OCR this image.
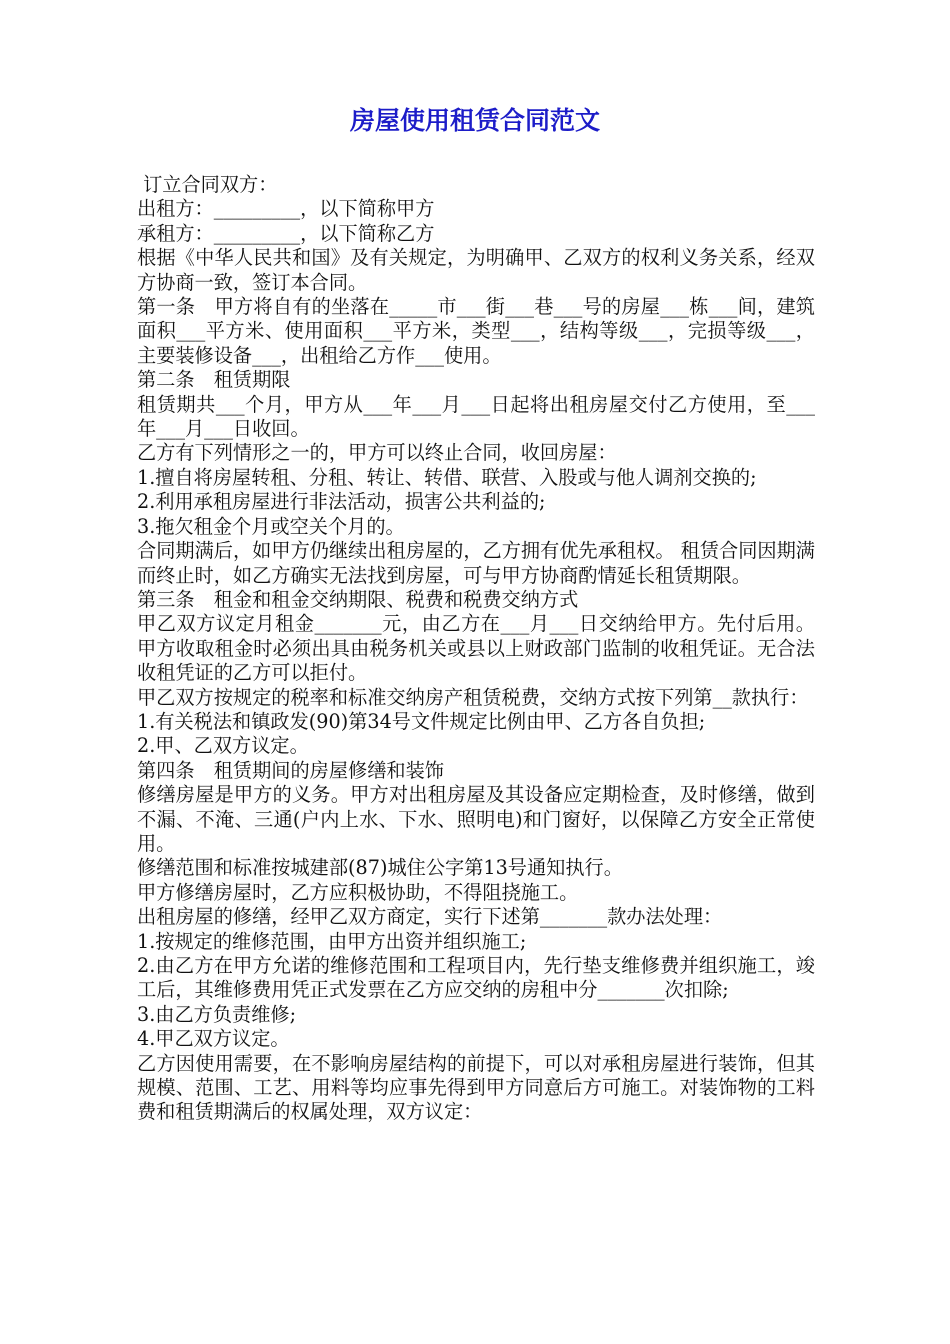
房屋使用租赁合同范文

订立合同双方：

出租方：_________，以下简称甲方

承租方：_________，以下简称乙方

根据《中华人民共和国》及有关规定，为明确甲、乙双方的权利义务关系，经双方协商一致，签订本合同。

第一条　甲方将自有的坐落在_____市___街___巷___号的房屋___栋___间，建筑面积___平方米、使用面积___平方米，类型___，结构等级___，完损等级___，主要装修设备___，出租给乙方作___使用。

第二条　租赁期限

租赁期共___个月，甲方从___年___月___日起将出租房屋交付乙方使用，至___年___月___日收回。

乙方有下列情形之一的，甲方可以终止合同，收回房屋：

1.擅自将房屋转租、分租、转让、转借、联营、入股或与他人调剂交换的;

2.利用承租房屋进行非法活动，损害公共利益的;

3.拖欠租金个月或空关个月的。

合同期满后，如甲方仍继续出租房屋的，乙方拥有优先承租权。 租赁合同因期满而终止时，如乙方确实无法找到房屋，可与甲方协商酌情延长租赁期限。

第三条　租金和租金交纳期限、税费和税费交纳方式

甲乙双方议定月租金_______元，由乙方在___月___日交纳给甲方。先付后用。甲方收取租金时必须出具由税务机关或县以上财政部门监制的收租凭证。无合法收租凭证的乙方可以拒付。

甲乙双方按规定的税率和标准交纳房产租赁税费，交纳方式按下列第__款执行：

1.有关税法和镇政发(90)第34号文件规定比例由甲、乙方各自负担;

2.甲、乙双方议定。

第四条　租赁期间的房屋修缮和装饰

修缮房屋是甲方的义务。甲方对出租房屋及其设备应定期检查，及时修缮，做到不漏、不淹、三通(户内上水、下水、照明电)和门窗好，以保障乙方安全正常使用。

修缮范围和标准按城建部(87)城住公字第13号通知执行。

甲方修缮房屋时，乙方应积极协助，不得阻挠施工。

出租房屋的修缮，经甲乙双方商定，实行下述第_______款办法处理：

1.按规定的维修范围，由甲方出资并组织施工;

2.由乙方在甲方允诺的维修范围和工程项目内，先行垫支维修费并组织施工，竣工后，其维修费用凭正式发票在乙方应交纳的房租中分_______次扣除;

3.由乙方负责维修;

4.甲乙双方议定。

乙方因使用需要，在不影响房屋结构的前提下，可以对承租房屋进行装饰，但其规模、范围、工艺、用料等均应事先得到甲方同意后方可施工。对装饰物的工料费和租赁期满后的权属处理，双方议定：
